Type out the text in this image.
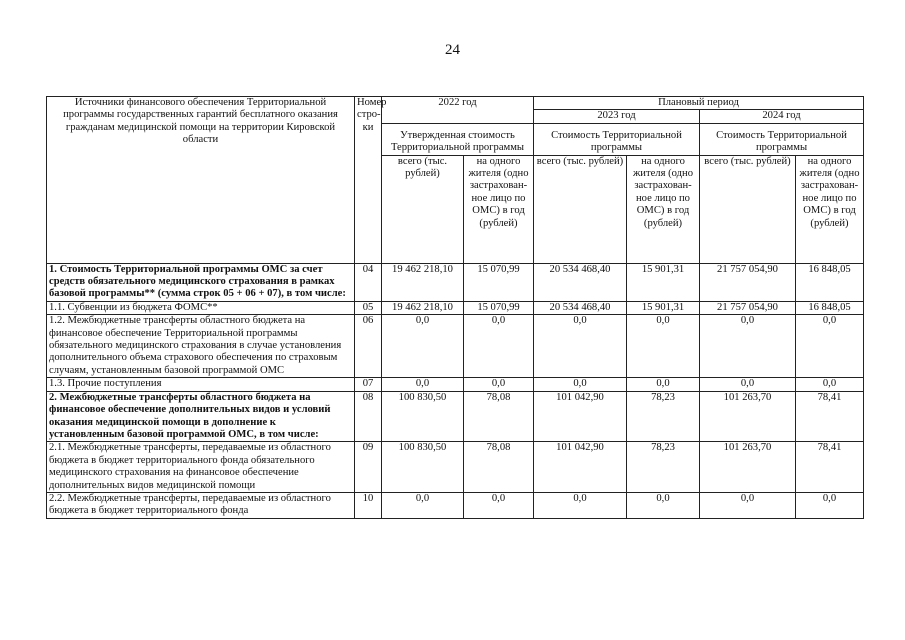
24
Источники финансового обеспечения Территориальной программы государственных гарантий бесплатного оказания гражданам медицинской помощи на территории Кировской области	Номер стро-ки	2022 год		Плановый период			
				2023 год		2024 год	
		Утвержденная стоимость Территориальной программы		Стоимость Территориальной программы		Стоимость Территориальной программы	
		всего (тыс. рублей)	на одного жителя (одно застрахован-ное лицо по ОМС) в год (рублей)	всего (тыс. рублей)	на одного жителя (одно застрахован-ное лицо по ОМС) в год (рублей)	всего (тыс. рублей)	на одного жителя (одно застрахован-ное лицо по ОМС) в год (рублей)
1. Стоимость Территориальной программы ОМС за счет средств обязательного медицинского страхования в рамках базовой программы** (сумма строк 05 + 06 + 07), в том числе:	04	19 462 218,10	15 070,99	20 534 468,40	15 901,31	21 757 054,90	16 848,05
1.1. Субвенции из бюджета ФОМС**	05	19 462 218,10	15 070,99	20 534 468,40	15 901,31	21 757 054,90	16 848,05
1.2. Межбюджетные трансферты областного бюджета на финансовое обеспечение Территориальной программы обязательного медицинского страхования в случае установления дополнительного объема страхового обеспечения по страховым случаям, установленным базовой программой ОМС	06	0,0	0,0	0,0	0,0	0,0	0,0
1.3. Прочие поступления	07	0,0	0,0	0,0	0,0	0,0	0,0
2. Межбюджетные трансферты областного бюджета на финансовое обеспечение дополнительных видов и условий оказания медицинской помощи в дополнение к установленным базовой программой ОМС, в том числе:	08	100 830,50	78,08	101 042,90	78,23	101 263,70	78,41
2.1. Межбюджетные трансферты, передаваемые из областного бюджета в бюджет территориального фонда обязательного медицинского страхования на финансовое обеспечение дополнительных видов медицинской помощи	09	100 830,50	78,08	101 042,90	78,23	101 263,70	78,41
2.2. Межбюджетные трансферты, передаваемые из областного бюджета в бюджет территориального фонда	10	0,0	0,0	0,0	0,0	0,0	0,0
